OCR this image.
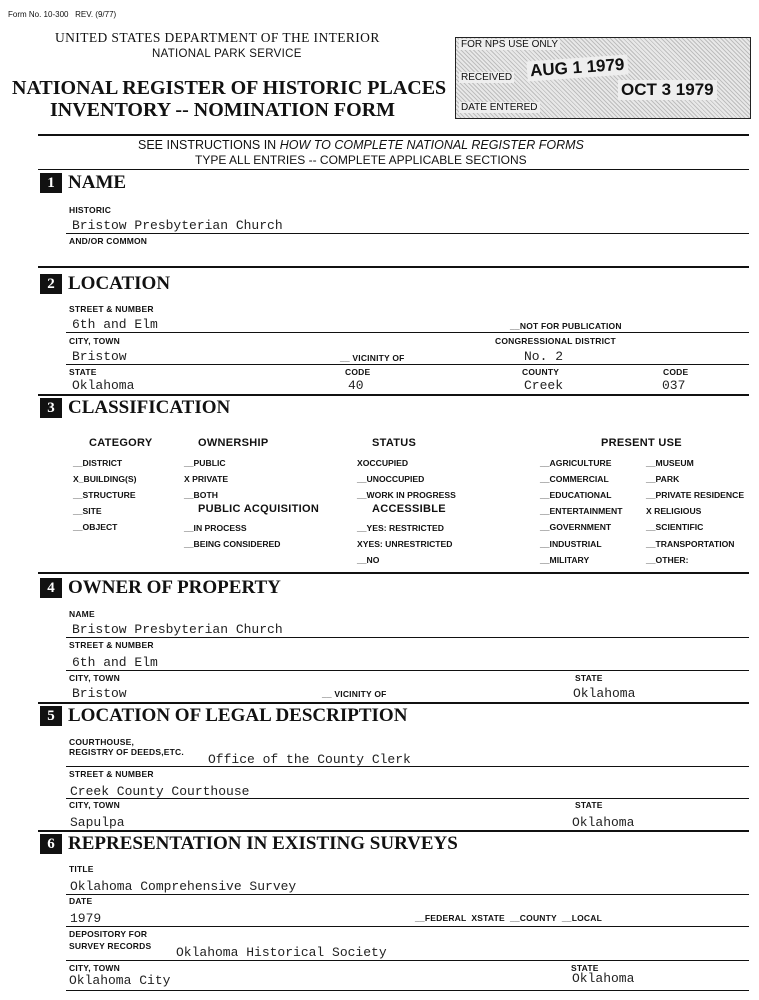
Form No. 10-300 REV. (9/77)
UNITED STATES DEPARTMENT OF THE INTERIOR
NATIONAL PARK SERVICE
NATIONAL REGISTER OF HISTORIC PLACES
INVENTORY -- NOMINATION FORM
FOR NPS USE ONLY
RECEIVED AUG 1 1979
DATE ENTERED
OCT 3 1979
SEE INSTRUCTIONS IN HOW TO COMPLETE NATIONAL REGISTER FORMS
TYPE ALL ENTRIES -- COMPLETE APPLICABLE SECTIONS
1 NAME
HISTORIC
Bristow Presbyterian Church
AND/OR COMMON
2 LOCATION
STREET & NUMBER
6th and Elm	__NOT FOR PUBLICATION
CITY, TOWN	CONGRESSIONAL DISTRICT
Bristow	__ VICINITY OF	No. 2
STATE	CODE	COUNTY	CODE
Oklahoma	40	Creek	037
3 CLASSIFICATION
CATEGORY
__DISTRICT
X_BUILDING(S)
__STRUCTURE
__SITE
__OBJECT
OWNERSHIP
__PUBLIC
X PRIVATE
__BOTH
PUBLIC ACQUISITION
__IN PROCESS
__BEING CONSIDERED
STATUS
XOCCUPIED
__UNOCCUPIED
__WORK IN PROGRESS
ACCESSIBLE
__YES: RESTRICTED
XYES: UNRESTRICTED
__NO
PRESENT USE
__AGRICULTURE
__COMMERCIAL
__EDUCATIONAL
__ENTERTAINMENT
__GOVERNMENT
__INDUSTRIAL
__MILITARY
__MUSEUM
__PARK
__PRIVATE RESIDENCE
X RELIGIOUS
__SCIENTIFIC
__TRANSPORTATION
__OTHER:
4 OWNER OF PROPERTY
NAME
Bristow Presbyterian Church
STREET & NUMBER
6th and Elm
CITY, TOWN	STATE
Bristow	__ VICINITY OF	Oklahoma
5 LOCATION OF LEGAL DESCRIPTION
COURTHOUSE,
REGISTRY OF DEEDS,ETC. Office of the County Clerk
STREET & NUMBER
Creek County Courthouse
CITY, TOWN	STATE
Sapulpa	Oklahoma
6 REPRESENTATION IN EXISTING SURVEYS
TITLE
Oklahoma Comprehensive Survey
DATE
1979	__FEDERAL  XSTATE  __COUNTY  __LOCAL
DEPOSITORY FOR
SURVEY RECORDS Oklahoma Historical Society
CITY, TOWN	STATE
Oklahoma City	Oklahoma
